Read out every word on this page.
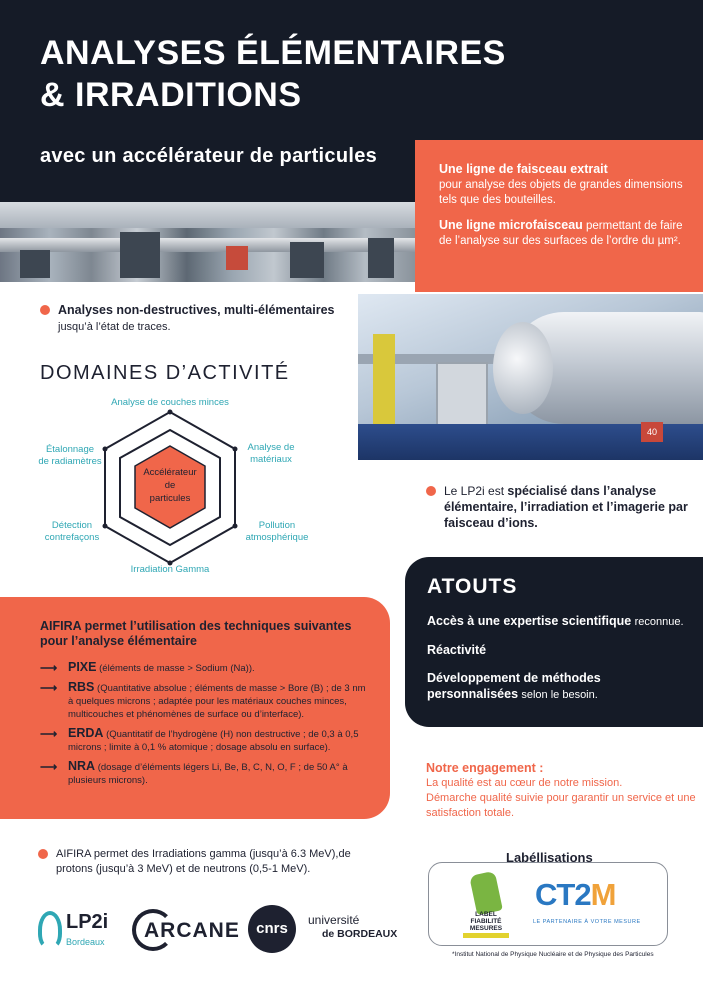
ANALYSES ÉLÉMENTAIRES
& IRRADITIONS
avec un accélérateur de particules

Une ligne de faisceau extrait
pour analyse des objets de grandes dimensions tels que des bouteilles.

Une ligne microfaisceau permettant de faire de l’analyse sur des surfaces de l’ordre du µm².

40
Analyses non-destructives, multi-élémentaires
jusqu’à l’état de traces.
DOMAINES D’ACTIVITÉ
Accélérateur
de
particules
Analyse de couches minces
Analyse de
matériaux
Pollution
atmosphérique
Irradiation Gamma
Détection
contrefaçons
Étalonnage
de radiamètres
Le LP2i est spécialisé dans l’analyse élémentaire, l’irradiation et l’imagerie par faisceau d’ions.
AIFIRA permet l’utilisation des techniques suivantes pour l’analyse élémentaire
⟶ PIXE (éléments de masse > Sodium (Na)).
⟶ RBS (Quantitative absolue ; éléments de masse > Bore (B) ; de 3 nm à quelques microns ; adaptée pour les matériaux couches minces, multicouches et phénomènes de surface ou d’interface).
⟶ ERDA (Quantitatif de l’hydrogène (H) non destructive ; de 0,3 à 0,5 microns ; limite à 0,1 % atomique ; dosage absolu en surface).
⟶ NRA (dosage d’éléments légers Li, Be, B, C, N, O, F ; de 50 A° à plusieurs microns).
ATOUTS

Accès à une expertise scientifique reconnue.

Réactivité

Développement de méthodes personnalisées selon le besoin.

Notre engagement :
La qualité est au cœur de notre mission.
Démarche qualité suivie pour garantir un service et une satisfaction totale.
AIFIRA permet des Irradiations gamma (jusqu’à 6.3 MeV),de protons (jusqu’à 3 MeV) et de neutrons (0,5-1 MeV).
LP2i
Bordeaux ARCANE	cnrs	université
de BORDEAUX
Labéllisations
LABEL FIABILITÉ MESURES
CT2M
LE PARTENAIRE À VOTRE MESURE
*Institut National de Physique Nucléaire et de Physique des Particules
